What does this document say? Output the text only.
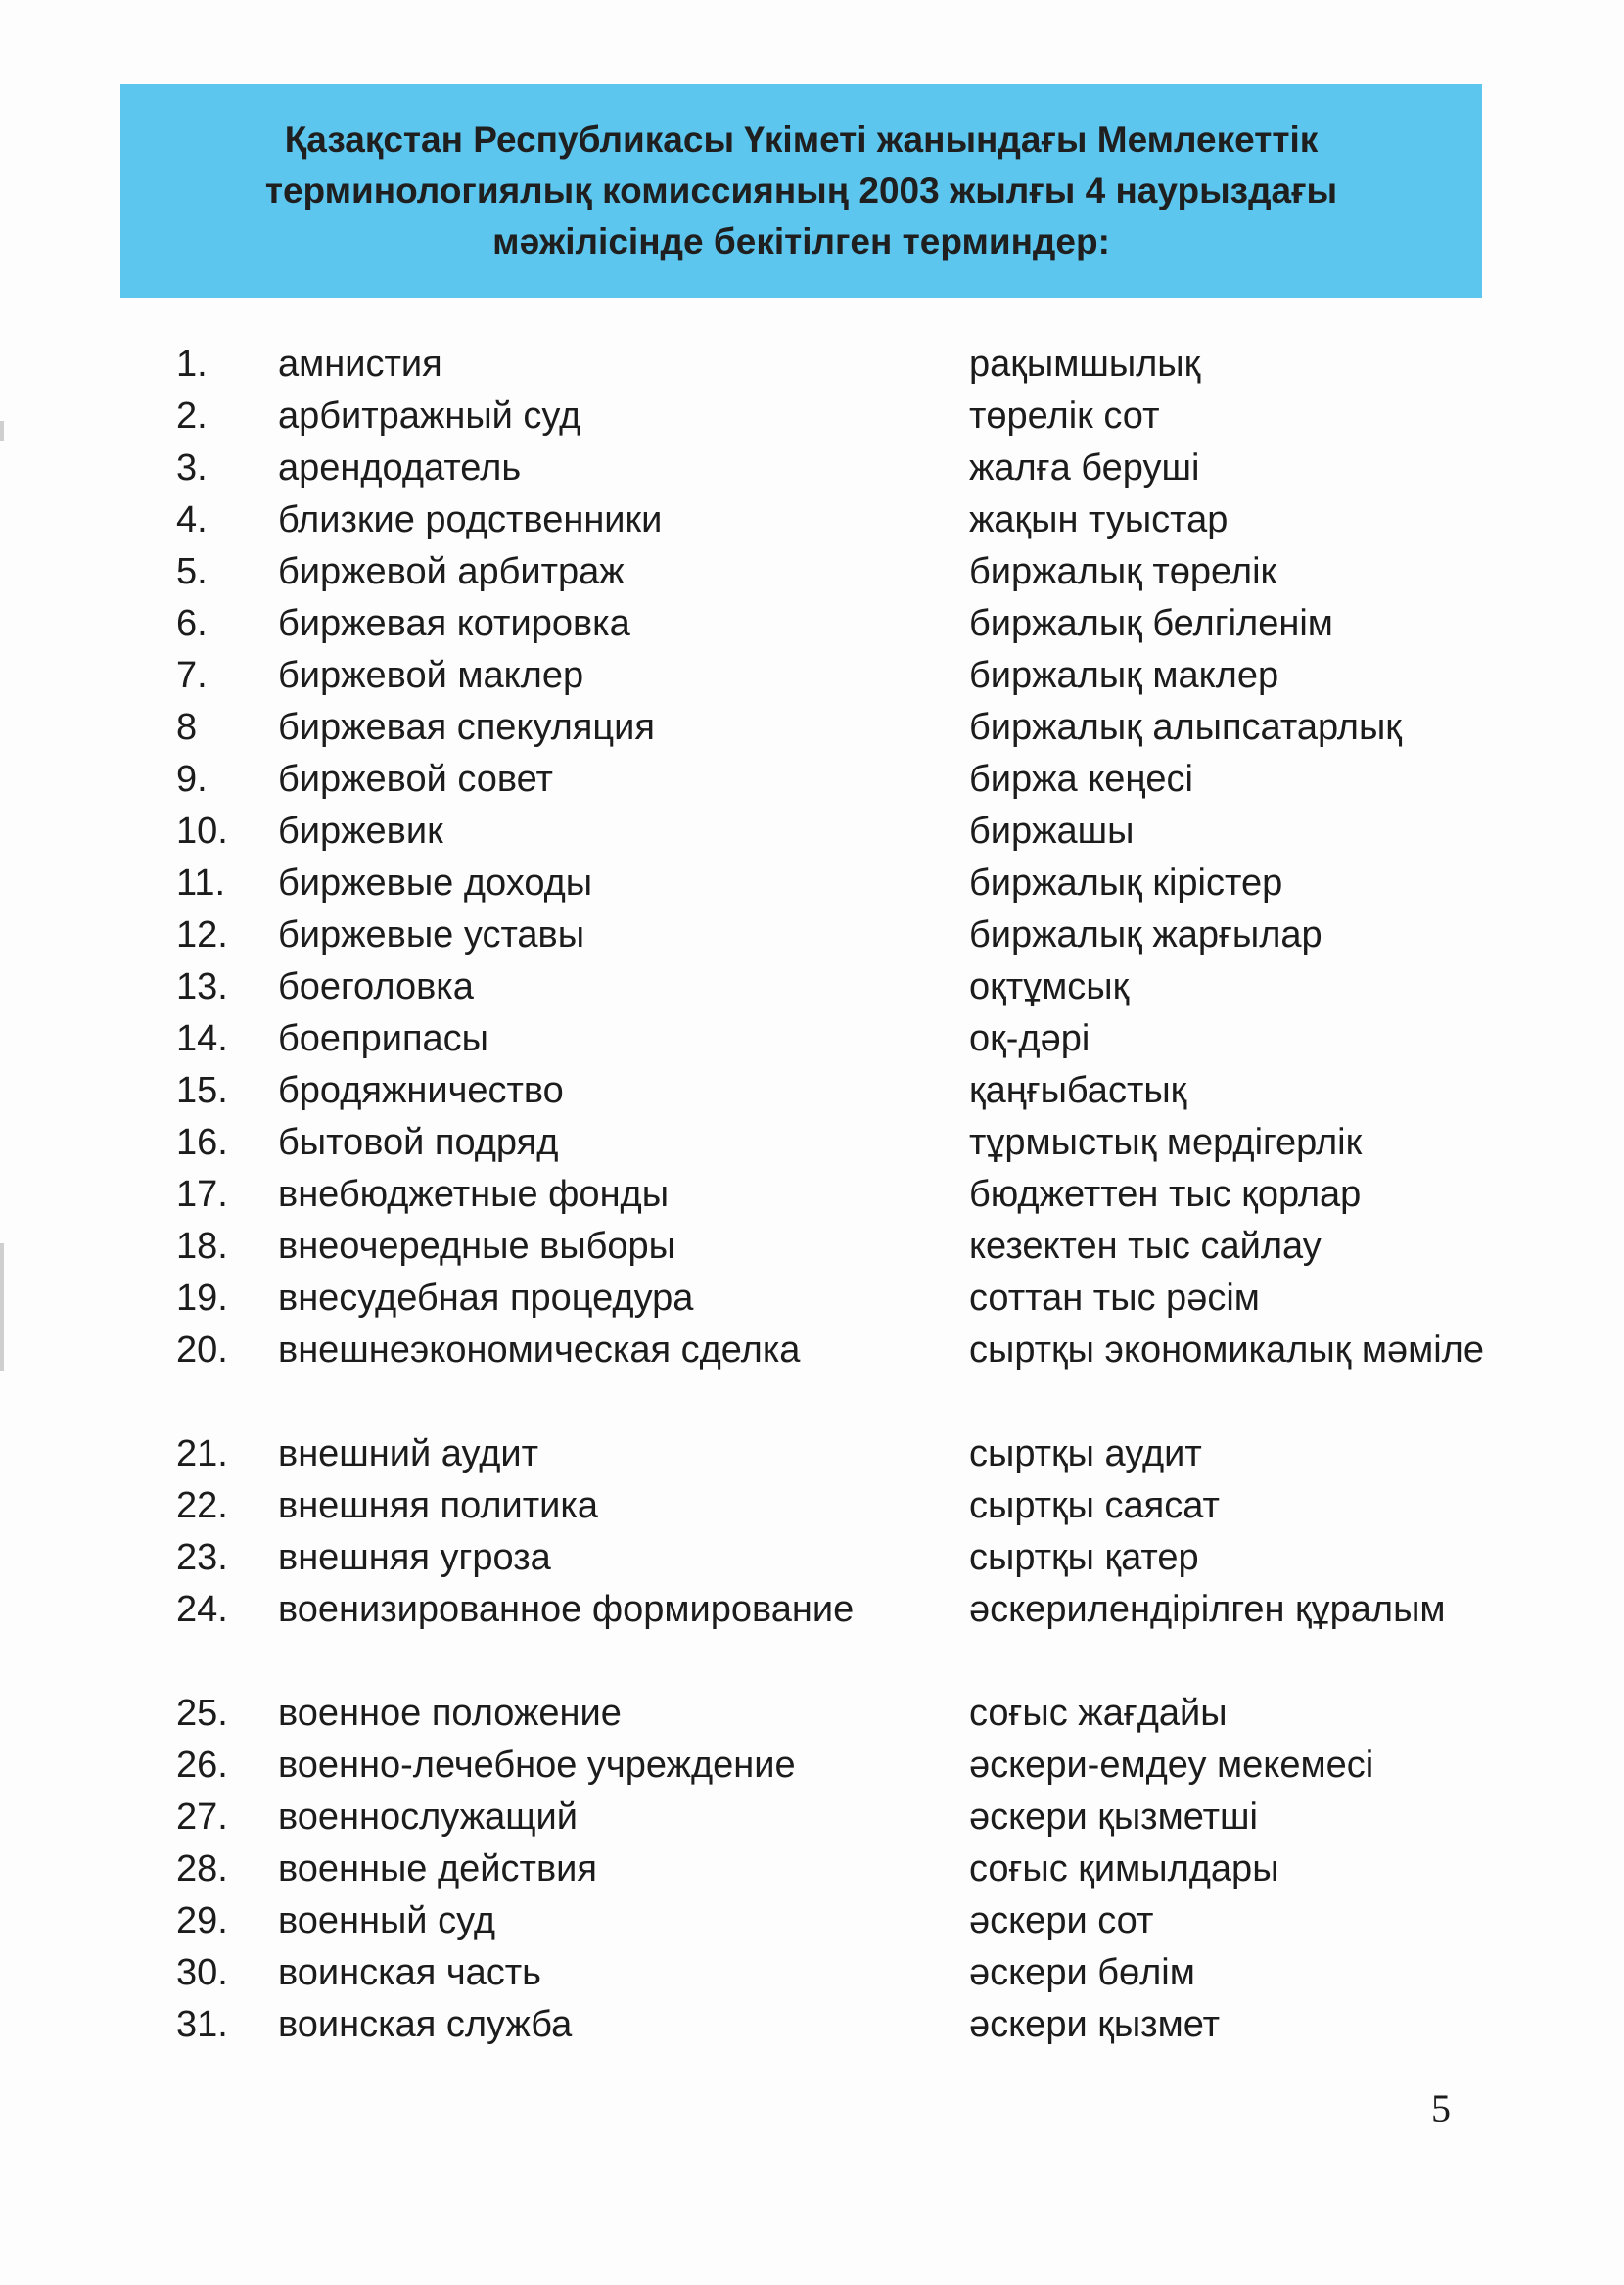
Қазақстан Республикасы Үкіметі жанындағы Мемлекеттік терминологиялық комиссияның 2003 жылғы 4 наурыздағы мәжілісінде бекітілген терминдер:
1.	амнистия	рақымшылық
2.	арбитражный суд	төрелік сот
3.	арендодатель	жалға беруші
4.	близкие родственники	жақын туыстар
5.	биржевой арбитраж	биржалық төрелік
6.	биржевая котировка	биржалық белгіленім
7.	биржевой маклер	биржалық маклер
8	биржевая спекуляция	биржалық алыпсатарлық
9.	биржевой совет	биржа кеңесі
10.	биржевик	биржашы
11.	биржевые доходы	биржалық кірістер
12.	биржевые уставы	биржалық жарғылар
13.	боеголовка	оқтұмсық
14.	боеприпасы	оқ-дәрі
15.	бродяжничество	қаңғыбастық
16.	бытовой подряд	тұрмыстық мердігерлік
17.	внебюджетные фонды	бюджеттен тыс қорлар
18.	внеочередные выборы	кезектен тыс сайлау
19.	внесудебная процедура	соттан тыс рәсім
20.	внешнеэкономическая сделка	сыртқы экономикалық мәміле
21.	внешний аудит	сыртқы аудит
22.	внешняя политика	сыртқы саясат
23.	внешняя угроза	сыртқы қатер
24.	военизированное формирование	әскерилендірілген құралым
25.	военное положение	соғыс жағдайы
26.	военно-лечебное учреждение	әскери-емдеу мекемесі
27.	военнослужащий	әскери қызметші
28.	военные действия	соғыс қимылдары
29.	военный суд	әскери сот
30.	воинская часть	әскери бөлім
31.	воинская служба	әскери қызмет
5
